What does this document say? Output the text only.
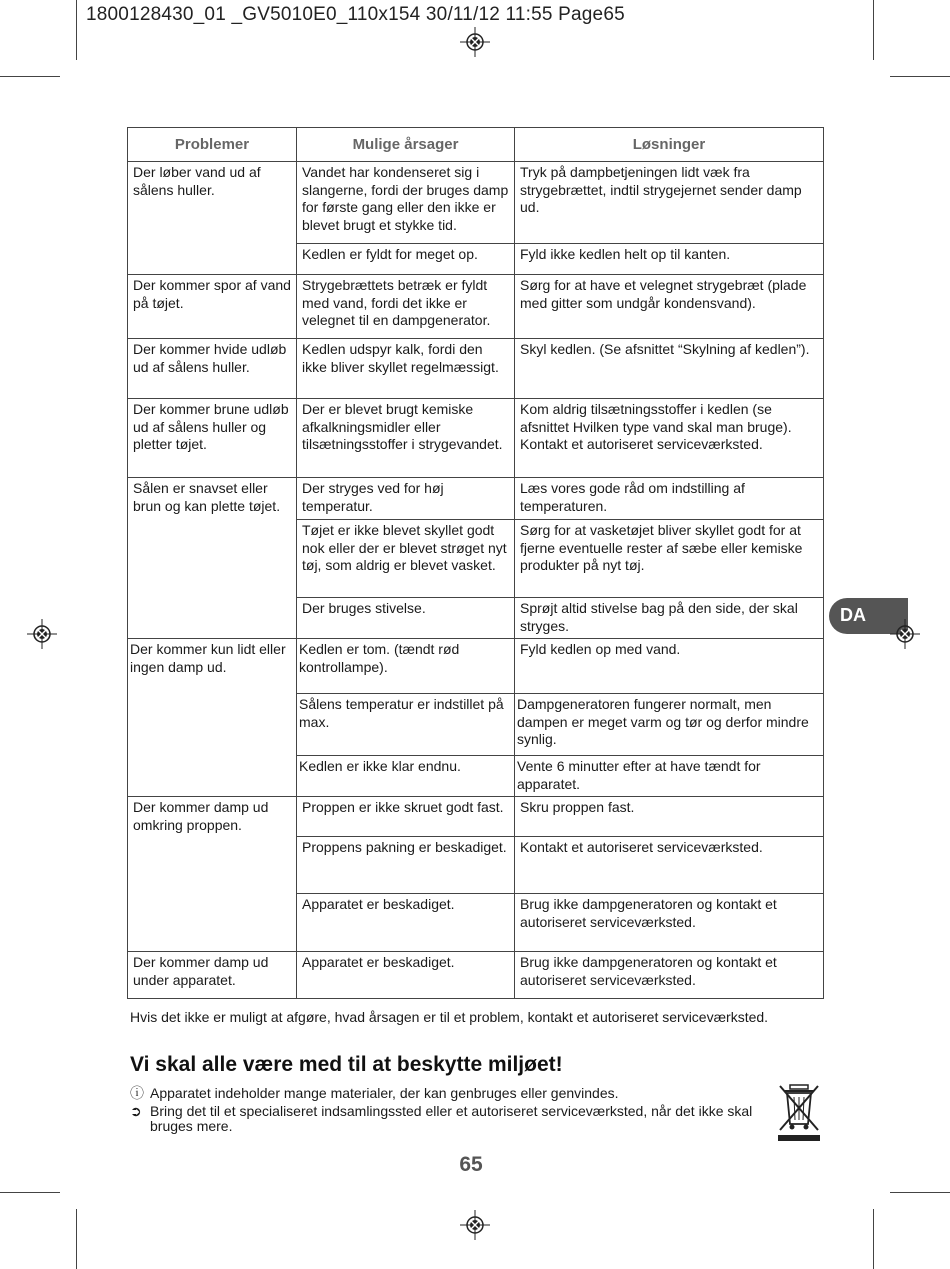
1800128430_01 _GV5010E0_110x154 30/11/12 11:55 Page65
DA
Problemer	Mulige årsager	Løsninger
Der løber vand ud af sålens huller.	Vandet har kondenseret sig i slangerne, fordi der bruges damp for første gang eller den ikke er blevet brugt et stykke tid.	Tryk på dampbetjeningen lidt væk fra strygebrættet, indtil strygejernet sender damp ud.
	Kedlen er fyldt for meget op.	Fyld ikke kedlen helt op til kanten.
Der kommer spor af vand på tøjet.	Strygebrættets betræk er fyldt med vand, fordi det ikke er velegnet til en dampgenerator.	Sørg for at have et velegnet strygebræt (plade med gitter som undgår kondensvand).
Der kommer hvide udløb ud af sålens huller.	Kedlen udspyr kalk, fordi den ikke bliver skyllet regelmæssigt.	Skyl kedlen. (Se afsnittet “Skylning af kedlen”).
Der kommer brune udløb ud af sålens huller og pletter tøjet.	Der er blevet brugt kemiske afkalkningsmidler eller tilsætningsstoffer i strygevandet.	Kom aldrig tilsætningsstoffer i kedlen (se afsnittet Hvilken type vand skal man bruge). Kontakt et autoriseret serviceværksted.
Sålen er snavset eller brun og kan plette tøjet.	Der stryges ved for høj temperatur.	Læs vores gode råd om indstilling af temperaturen.
	Tøjet er ikke blevet skyllet godt nok eller der er blevet strøget nyt tøj, som aldrig er blevet vasket.	Sørg for at vasketøjet bliver skyllet godt for at fjerne eventuelle rester af sæbe eller kemiske produkter på nyt tøj.
	Der bruges stivelse.	Sprøjt altid stivelse bag på den side, der skal stryges.
Der kommer kun lidt eller ingen damp ud.	Kedlen er tom. (tændt rød kontrollampe).	Fyld kedlen op med vand.
	Sålens temperatur er indstillet på max.	Dampgeneratoren fungerer normalt, men dampen er meget varm og tør og derfor mindre synlig.
	Kedlen er ikke klar endnu.	Vente 6 minutter efter at have tændt for apparatet.
Der kommer damp ud omkring proppen.	Proppen er ikke skruet godt fast.	Skru proppen fast.
	Proppens pakning er beskadiget.	Kontakt et autoriseret serviceværksted.
	Apparatet er beskadiget.	Brug ikke dampgeneratoren og kontakt et autoriseret serviceværksted.
Der kommer damp ud under apparatet.	Apparatet er beskadiget.	Brug ikke dampgeneratoren og kontakt et autoriseret serviceværksted.
Hvis det ikke er muligt at afgøre, hvad årsagen er til et problem, kontakt et autoriseret serviceværksted.
Vi skal alle være med til at beskytte miljøet!
ⓘ Apparatet indeholder mange materialer, der kan genbruges eller genvindes.
➲ Bring det til et specialiseret indsamlingssted eller et autoriseret serviceværksted, når det ikke skal bruges mere.
65
